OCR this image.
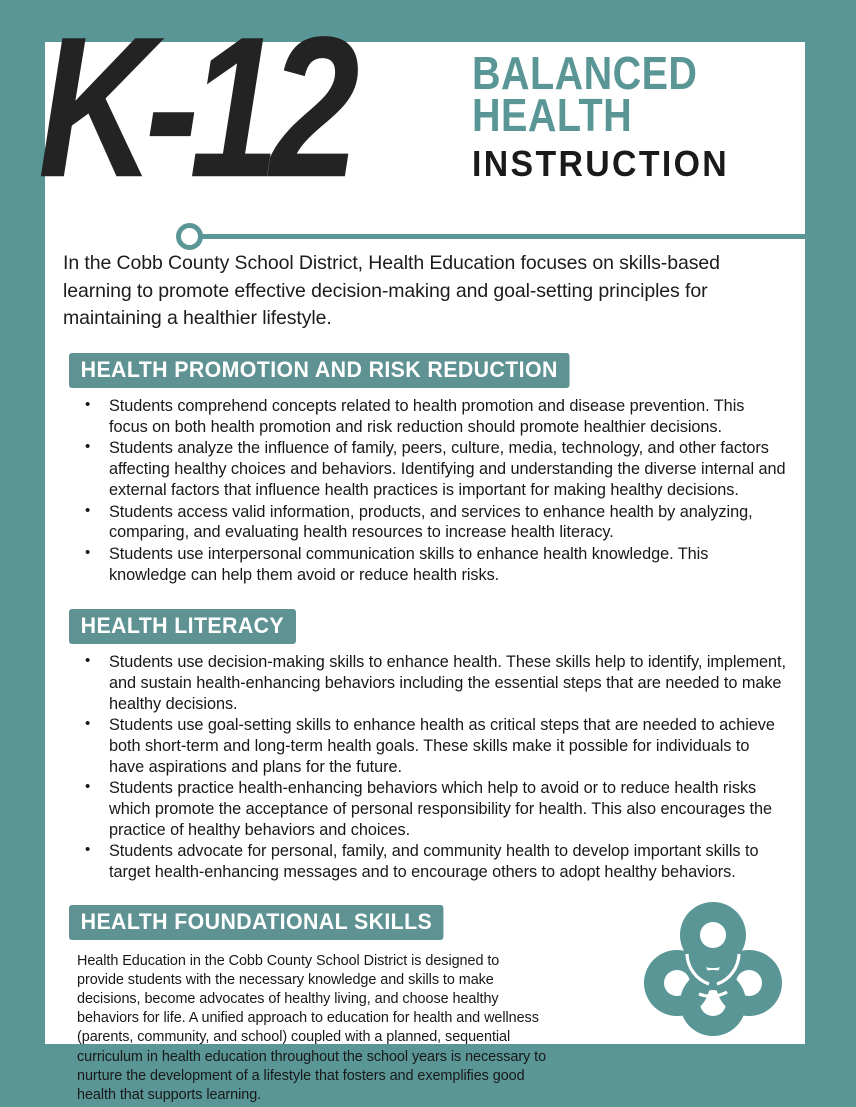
K-12	BALANCED
HEALTH
INSTRUCTION

In the Cobb County School District, Health Education focuses on skills-based learning to promote effective decision-making and goal-setting principles for maintaining a healthier lifestyle.

HEALTH PROMOTION AND RISK REDUCTION
• Students comprehend concepts related to health promotion and disease prevention. This focus on both health promotion and risk reduction should promote healthier decisions.
• Students analyze the influence of family, peers, culture, media, technology, and other factors affecting healthy choices and behaviors. Identifying and understanding the diverse internal and external factors that influence health practices is important for making healthy decisions.
• Students access valid information, products, and services to enhance health by analyzing, comparing, and evaluating health resources to increase health literacy.
• Students use interpersonal communication skills to enhance health knowledge. This knowledge can help them avoid or reduce health risks.
HEALTH LITERACY
• Students use decision-making skills to enhance health. These skills help to identify, implement, and sustain health-enhancing behaviors including the essential steps that are needed to make healthy decisions.
• Students use goal-setting skills to enhance health as critical steps that are needed to achieve both short-term and long-term health goals. These skills make it possible for individuals to have aspirations and plans for the future.
• Students practice health-enhancing behaviors which help to avoid or to reduce health risks which promote the acceptance of personal responsibility for health. This also encourages the practice of healthy behaviors and choices.
• Students advocate for personal, family, and community health to develop important skills to target health-enhancing messages and to encourage others to adopt healthy behaviors.
HEALTH FOUNDATIONAL SKILLS

Health Education in the Cobb County School District is designed to provide students with the necessary knowledge and skills to make decisions, become advocates of healthy living, and choose healthy behaviors for life. A unified approach to education for health and wellness (parents, community, and school) coupled with a planned, sequential curriculum in health education throughout the school years is necessary to nurture the development of a lifestyle that fosters and exemplifies good health that supports learning.
